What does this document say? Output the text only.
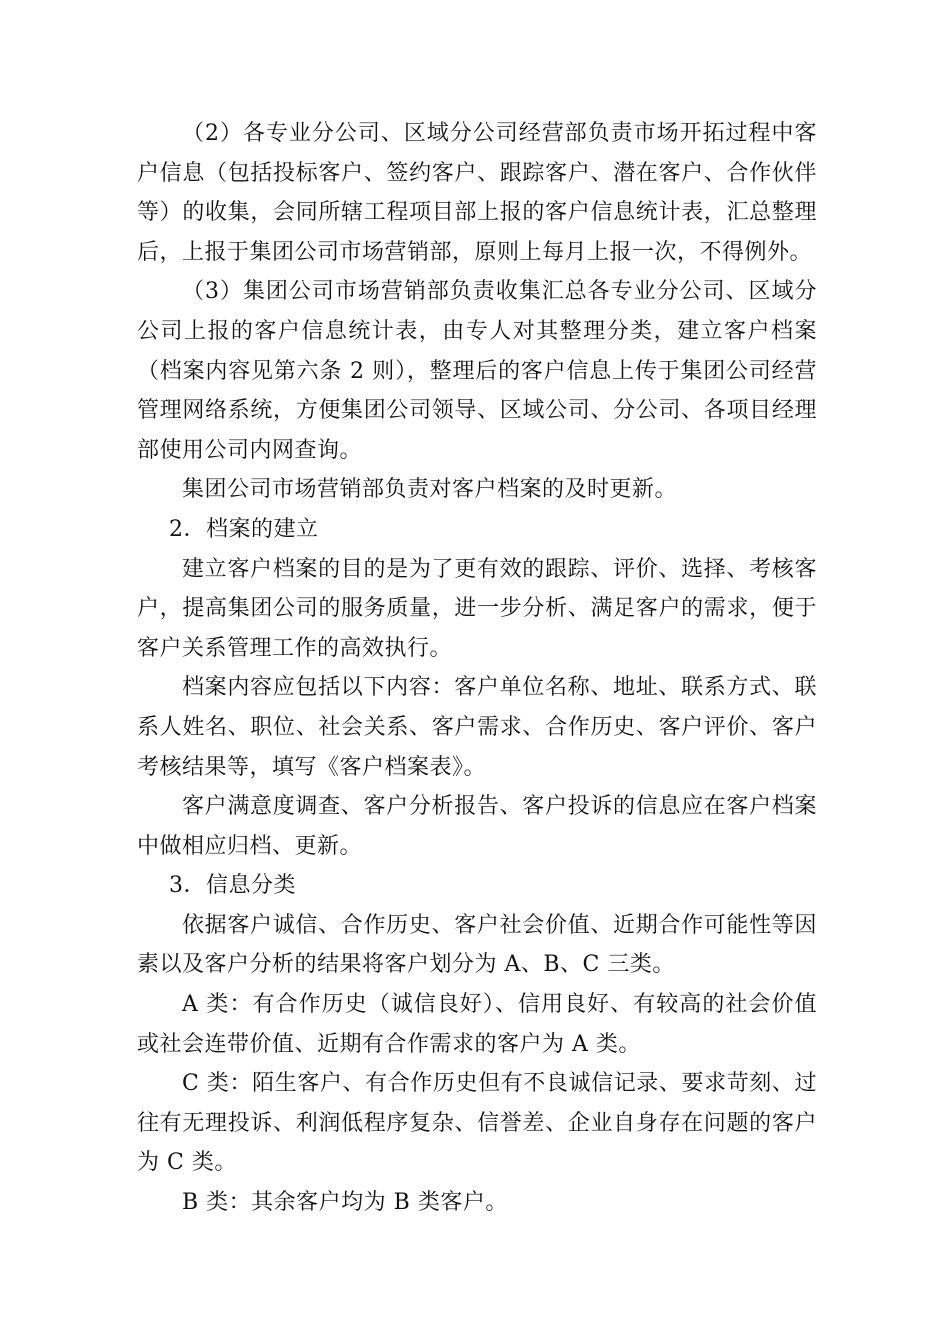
（2）各专业分公司、区域分公司经营部负责市场开拓过程中客户信息（包括投标客户、签约客户、跟踪客户、潜在客户、合作伙伴等）的收集，会同所辖工程项目部上报的客户信息统计表，汇总整理后，上报于集团公司市场营销部，原则上每月上报一次，不得例外。

（3）集团公司市场营销部负责收集汇总各专业分公司、区域分公司上报的客户信息统计表，由专人对其整理分类，建立客户档案（档案内容见第六条 2 则），整理后的客户信息上传于集团公司经营管理网络系统，方便集团公司领导、区域公司、分公司、各项目经理部使用公司内网查询。

集团公司市场营销部负责对客户档案的及时更新。

2．档案的建立

建立客户档案的目的是为了更有效的跟踪、评价、选择、考核客户，提高集团公司的服务质量，进一步分析、满足客户的需求，便于客户关系管理工作的高效执行。

档案内容应包括以下内容：客户单位名称、地址、联系方式、联系人姓名、职位、社会关系、客户需求、合作历史、客户评价、客户考核结果等，填写《客户档案表》。

客户满意度调查、客户分析报告、客户投诉的信息应在客户档案中做相应归档、更新。

3．信息分类

依据客户诚信、合作历史、客户社会价值、近期合作可能性等因素以及客户分析的结果将客户划分为 A、B、C 三类。

A 类：有合作历史（诚信良好）、信用良好、有较高的社会价值或社会连带价值、近期有合作需求的客户为 A 类。

C 类：陌生客户、有合作历史但有不良诚信记录、要求苛刻、过往有无理投诉、利润低程序复杂、信誉差、企业自身存在问题的客户为 C 类。

B 类：其余客户均为 B 类客户。
